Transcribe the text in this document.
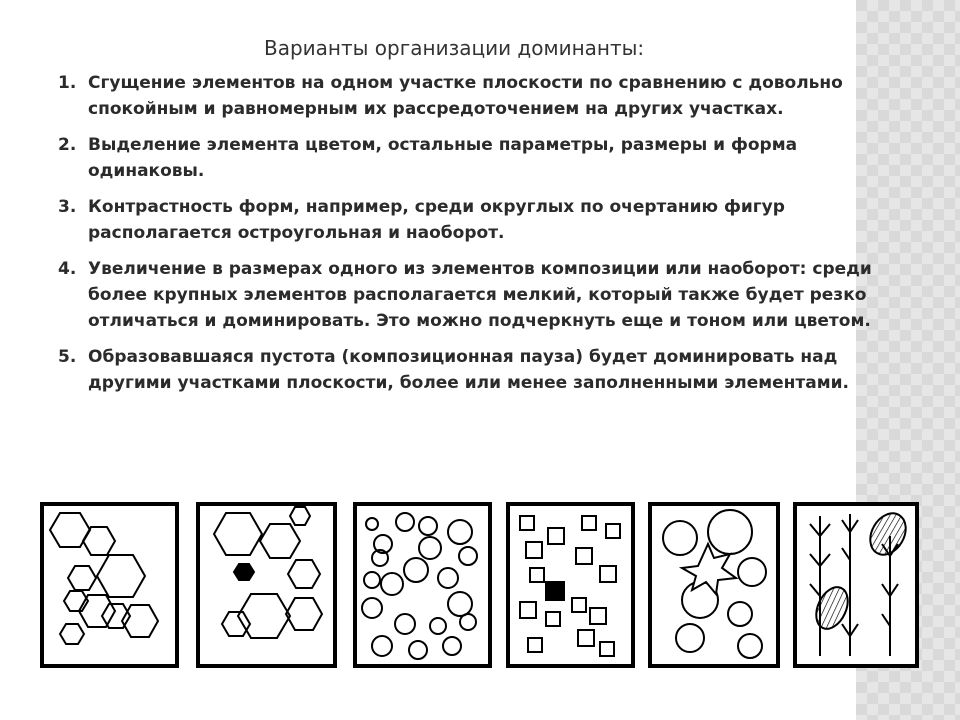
Варианты организации доминанты:
1. Сгущение элементов на одном участке плоскости по сравнению с довольно спокойным и равномерным их рассредоточением на других участках.
2. Выделение элемента цветом, остальные параметры, размеры и форма одинаковы.
3. Контрастность форм, например, среди округлых по очертанию фигур располагается остроугольная и наоборот.
4. Увеличение в размерах одного из элементов композиции или наоборот: среди более крупных элементов располагается мелкий, который также будет резко отличаться и доминировать. Это можно подчеркнуть еще и тоном или цветом.
5. Образовавшаяся пустота (композиционная пауза) будет доминировать над другими участками плоскости, более или менее заполненными элементами.
